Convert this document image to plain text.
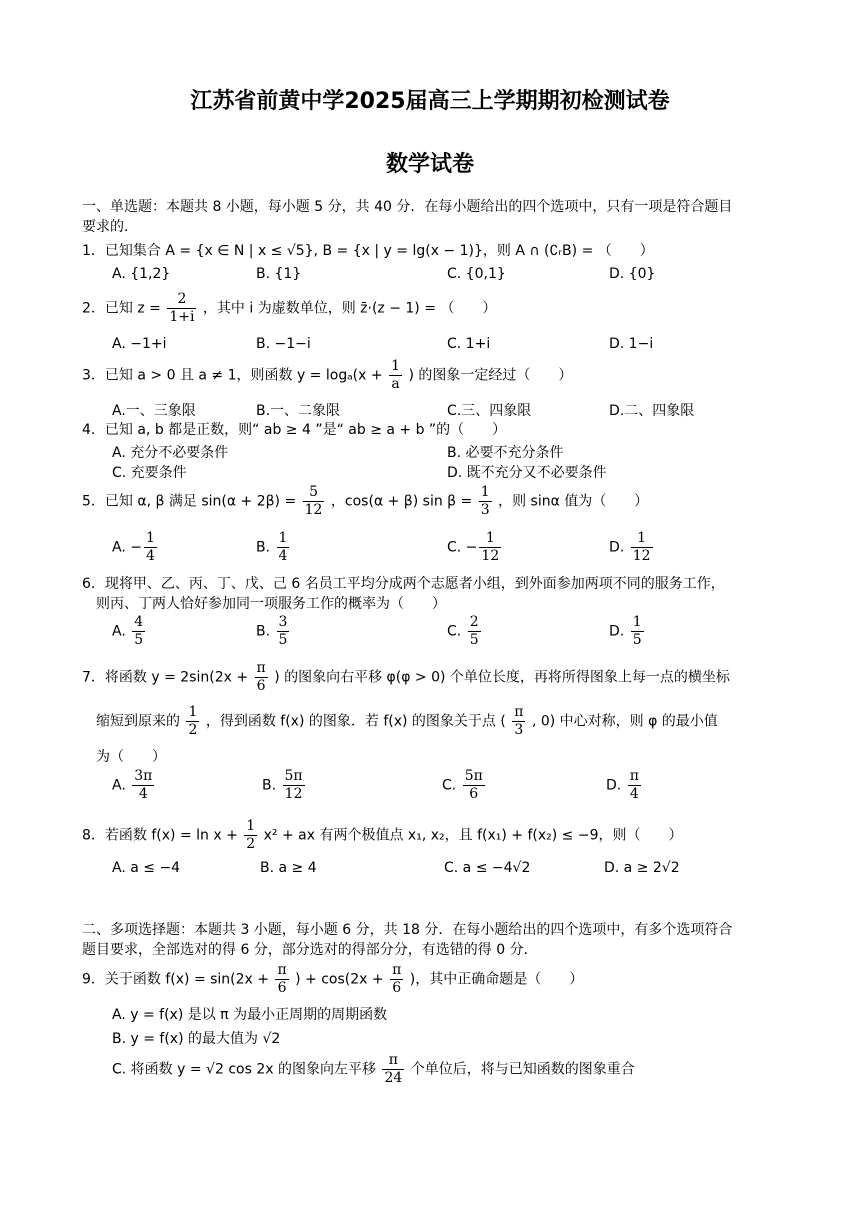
江苏省前黄中学2025届高三上学期期初检测试卷
数学试卷
一、单选题：本题共 8 小题，每小题 5 分，共 40 分．在每小题给出的四个选项中，只有一项是符合题目
要求的．
1．已知集合 A = {x ∈ N | x ≤ √5}, B = {x | y = lg(x − 1)}，则 A ∩ (∁ᵣB) = （　　）
A. {1,2}	B. {1}	C. {0,1}	D. {0}
2．已知 $z = \frac{2}{1+i}$ ，其中 i 为虚数单位，则 z̄·(z − 1) = （　　）
A. −1+i	B. −1−i	C. 1+i	D. 1−i
3．已知 a > 0 且 a ≠ 1，则函数 $y = \log_a(x + \frac{1}{a}$ ) 的图象一定经过（　　）
A.一、三象限	B.一、二象限	C.三、四象限	D.二、四象限
4．已知 a, b 都是正数，则“ ab ≥ 4 ”是“ ab ≥ a + b ”的（　　）
A. 充分不必要条件	B. 必要不充分条件
C. 充要条件	D. 既不充分又不必要条件
5．已知 α, β 满足 $\sin(\alpha + 2\beta) = \frac{5}{12}$ ，cos(α + β) $\sin \beta = \frac{1}{3}$ ，则 sinα 值为（　　）
A. − $\frac{1}{4}$	B. $\frac{1}{4}$	C. − $\frac{1}{12}$	D. $\frac{1}{12}$
6．现将甲、乙、丙、丁、戊、己 6 名员工平均分成两个志愿者小组，到外面参加两项不同的服务工作，
则丙、丁两人恰好参加同一项服务工作的概率为（　　）
A. $\frac{4}{5}$	B. $\frac{3}{5}$	C. $\frac{2}{5}$	D. $\frac{1}{5}$
7．将函数 $y = 2\sin(2x + \frac{\pi}{6}$ ) 的图象向右平移 φ(φ > 0) 个单位长度，再将所得图象上每一点的横坐标
缩短到原来的 $\frac{1}{2}$ ，得到函数 f(x) 的图象．若 f(x) 的图象关于点 ( $\frac{\pi}{3}$ , 0) 中心对称，则 φ 的最小值
为（　　）
A. $\frac{3\pi}{4}$	B. $\frac{5\pi}{12}$	C. $\frac{5\pi}{6}$	D. $\frac{\pi}{4}$
8．若函数 $f(x) = \ln x + \frac{1}{2} x^2$ + ax 有两个极值点 x₁, x₂，且 f(x₁) + f(x₂) ≤ −9，则（　　）
A. a ≤ −4	B. a ≥ 4	C. a ≤ −4√2	D. a ≥ 2√2
二、多项选择题：本题共 3 小题，每小题 6 分，共 18 分．在每小题给出的四个选项中，有多个选项符合
题目要求，全部选对的得 6 分，部分选对的得部分分，有选错的得 0 分．
9．关于函数 $f(x) = \sin(2x + \frac{\pi}{6}$ ) + $\cos(2x + \frac{\pi}{6}$ )，其中正确命题是（　　）
A. y = f(x) 是以 π 为最小正周期的周期函数
B. y = f(x) 的最大值为 √2
C. 将函数 y = √2 cos 2x 的图象向左平移 $\frac{\pi}{24}$ 个单位后，将与已知函数的图象重合
